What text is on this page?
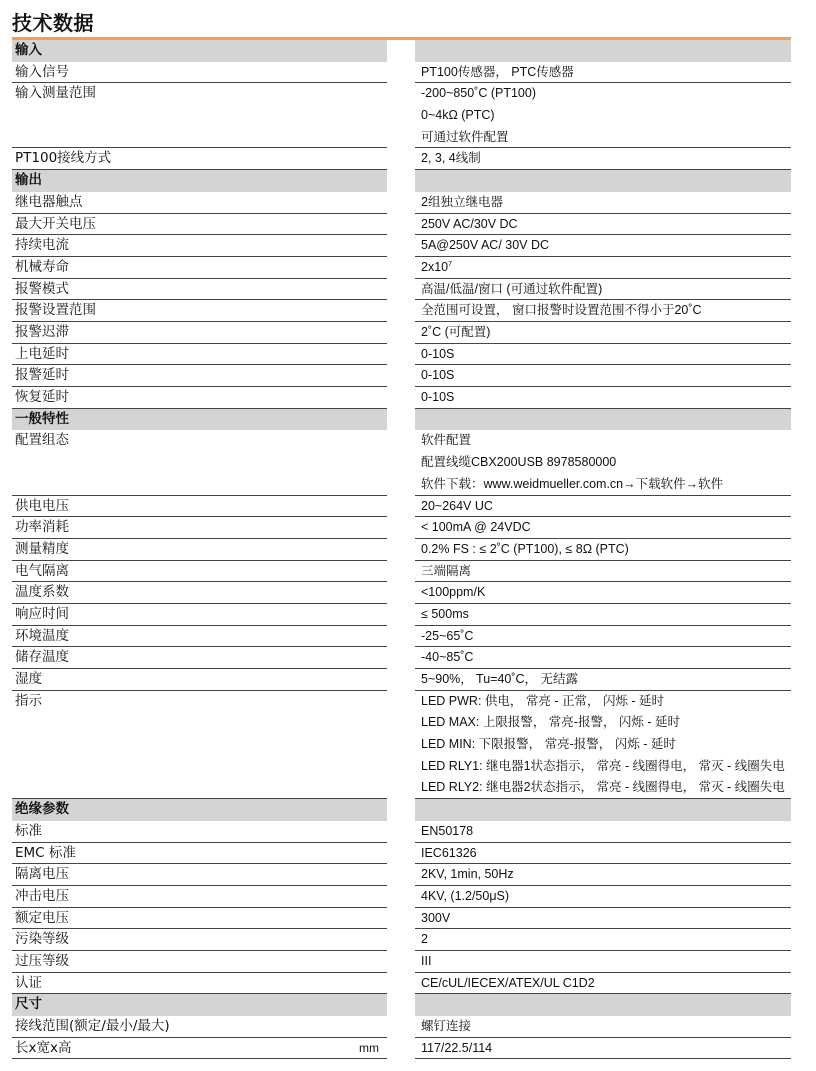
技术数据
输入
输入信号
输入测量范围
PT100接线方式
输出
继电器触点
最大开关电压
持续电流
机械寿命
报警模式
报警设置范围
报警迟滞
上电延时
报警延时
恢复延时
一般特性
配置组态
供电电压
功率消耗
测量精度
电气隔离
温度系数
响应时间
环境温度
储存温度
湿度
指示
绝缘参数
标准
EMC 标准
隔离电压
冲击电压
额定电压
污染等级
过压等级
认证
尺寸
接线范围(额定/最小/最大)
长x宽x高	mm
PT100传感器， PTC传感器
-200~850˚C (PT100)
0~4kΩ (PTC)
可通过软件配置
2, 3, 4线制
2组独立继电器
250V AC/30V DC
5A@250V AC/ 30V DC
$2x10^7$
高温/低温/窗口 (可通过软件配置)
全范围可设置， 窗口报警时设置范围不得小于20˚C
2˚C (可配置)
0-10S
0-10S
0-10S
软件配置
配置线缆CBX200USB 8978580000
软件下载：www.weidmueller.com.cn→下载软件→软件
20~264V UC
< 100mA @ 24VDC
0.2% FS : ≤ 2˚C (PT100), ≤ 8Ω (PTC)
三端隔离
<100ppm/K
≤ 500ms
-25~65˚C
-40~85˚C
5~90%， Tu=40˚C， 无结露
LED PWR: 供电， 常亮 - 正常， 闪烁 - 延时
LED MAX: 上限报警， 常亮-报警， 闪烁 - 延时
LED MIN: 下限报警， 常亮-报警， 闪烁 - 延时
LED RLY1: 继电器1状态指示， 常亮 - 线圈得电， 常灭 - 线圈失电
LED RLY2: 继电器2状态指示， 常亮 - 线圈得电， 常灭 - 线圈失电
EN50178
IEC61326
2KV, 1min, 50Hz
4KV, (1.2/50μS)
300V
2
III
CE/cUL/IECEX/ATEX/UL C1D2
螺钉连接
117/22.5/114
